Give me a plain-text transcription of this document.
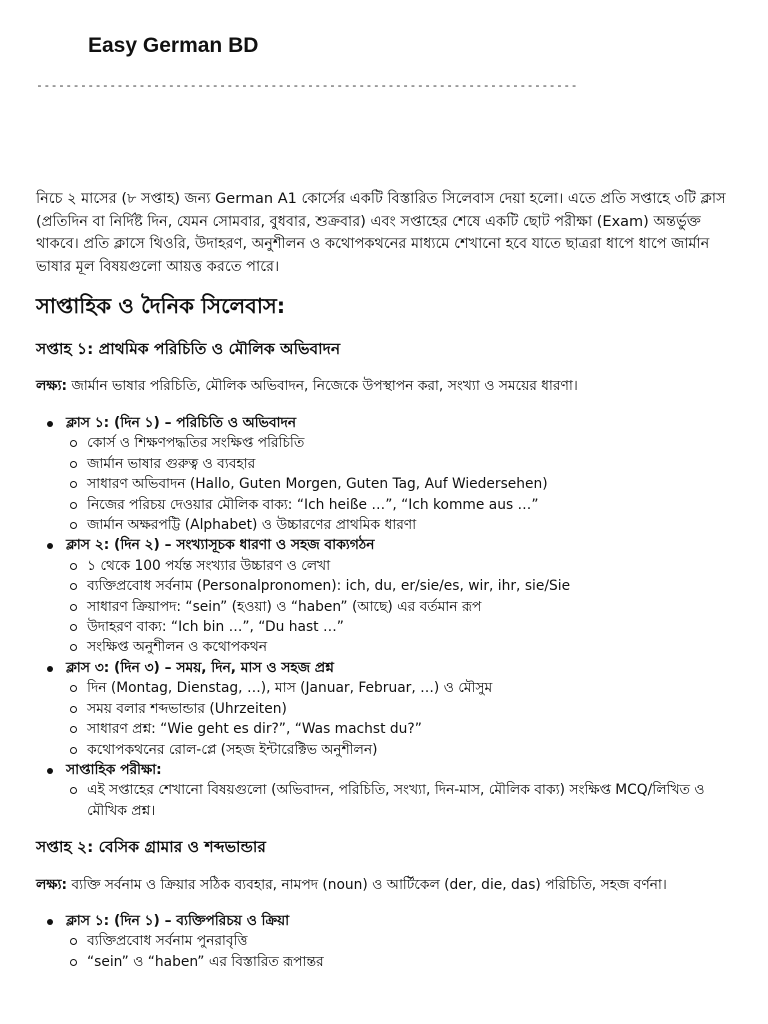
Easy German BD
--------------------------------------------------------------------------

নিচে ২ মাসের (৮ সপ্তাহ) জন্য German A1 কোর্সের একটি বিস্তারিত সিলেবাস দেয়া হলো। এতে প্রতি সপ্তাহে ৩টি ক্লাস (প্রতিদিন বা নির্দিষ্ট দিন, যেমন সোমবার, বুধবার, শুক্রবার) এবং সপ্তাহের শেষে একটি ছোট পরীক্ষা (Exam) অন্তর্ভুক্ত থাকবে। প্রতি ক্লাসে থিওরি, উদাহরণ, অনুশীলন ও কথোপকথনের মাধ্যমে শেখানো হবে যাতে ছাত্ররা ধাপে ধাপে জার্মান ভাষার মূল বিষয়গুলো আয়ত্ত করতে পারে।

সাপ্তাহিক ও দৈনিক সিলেবাস:
সপ্তাহ ১: প্রাথমিক পরিচিতি ও মৌলিক অভিবাদন

লক্ষ্য: জার্মান ভাষার পরিচিতি, মৌলিক অভিবাদন, নিজেকে উপস্থাপন করা, সংখ্যা ও সময়ের ধারণা।

ক্লাস ১: (দিন ১) – পরিচিতি ও অভিবাদন
কোর্স ও শিক্ষণপদ্ধতির সংক্ষিপ্ত পরিচিতি
জার্মান ভাষার গুরুত্ব ও ব্যবহার
সাধারণ অভিবাদন (Hallo, Guten Morgen, Guten Tag, Auf Wiedersehen)
নিজের পরিচয় দেওয়ার মৌলিক বাক্য: “Ich heiße …”, “Ich komme aus …”
জার্মান অক্ষরপট্টি (Alphabet) ও উচ্চারণের প্রাথমিক ধারণা
ক্লাস ২: (দিন ২) – সংখ্যাসূচক ধারণা ও সহজ বাক্যগঠন
১ থেকে 100 পর্যন্ত সংখ্যার উচ্চারণ ও লেখা
ব্যক্তিপ্রবোধ সর্বনাম (Personalpronomen): ich, du, er/sie/es, wir, ihr, sie/Sie
সাধারণ ক্রিয়াপদ: “sein” (হওয়া) ও “haben” (আছে) এর বর্তমান রূপ
উদাহরণ বাক্য: “Ich bin …”, “Du hast …”
সংক্ষিপ্ত অনুশীলন ও কথোপকথন
ক্লাস ৩: (দিন ৩) – সময়, দিন, মাস ও সহজ প্রশ্ন
দিন (Montag, Dienstag, …), মাস (Januar, Februar, …) ও মৌসুম
সময় বলার শব্দভান্ডার (Uhrzeiten)
সাধারণ প্রশ্ন: “Wie geht es dir?”, “Was machst du?”
কথোপকথনের রোল-প্লে (সহজ ইন্টারেক্টিভ অনুশীলন)
সাপ্তাহিক পরীক্ষা:
এই সপ্তাহের শেখানো বিষয়গুলো (অভিবাদন, পরিচিতি, সংখ্যা, দিন-মাস, মৌলিক বাক্য) সংক্ষিপ্ত MCQ/লিখিত ও মৌখিক প্রশ্ন।
সপ্তাহ ২: বেসিক গ্রামার ও শব্দভান্ডার

লক্ষ্য: ব্যক্তি সর্বনাম ও ক্রিয়ার সঠিক ব্যবহার, নামপদ (noun) ও আর্টিকেল (der, die, das) পরিচিতি, সহজ বর্ণনা।

ক্লাস ১: (দিন ১) – ব্যক্তিপরিচয় ও ক্রিয়া
ব্যক্তিপ্রবোধ সর্বনাম পুনরাবৃত্তি
“sein” ও “haben” এর বিস্তারিত রূপান্তর
